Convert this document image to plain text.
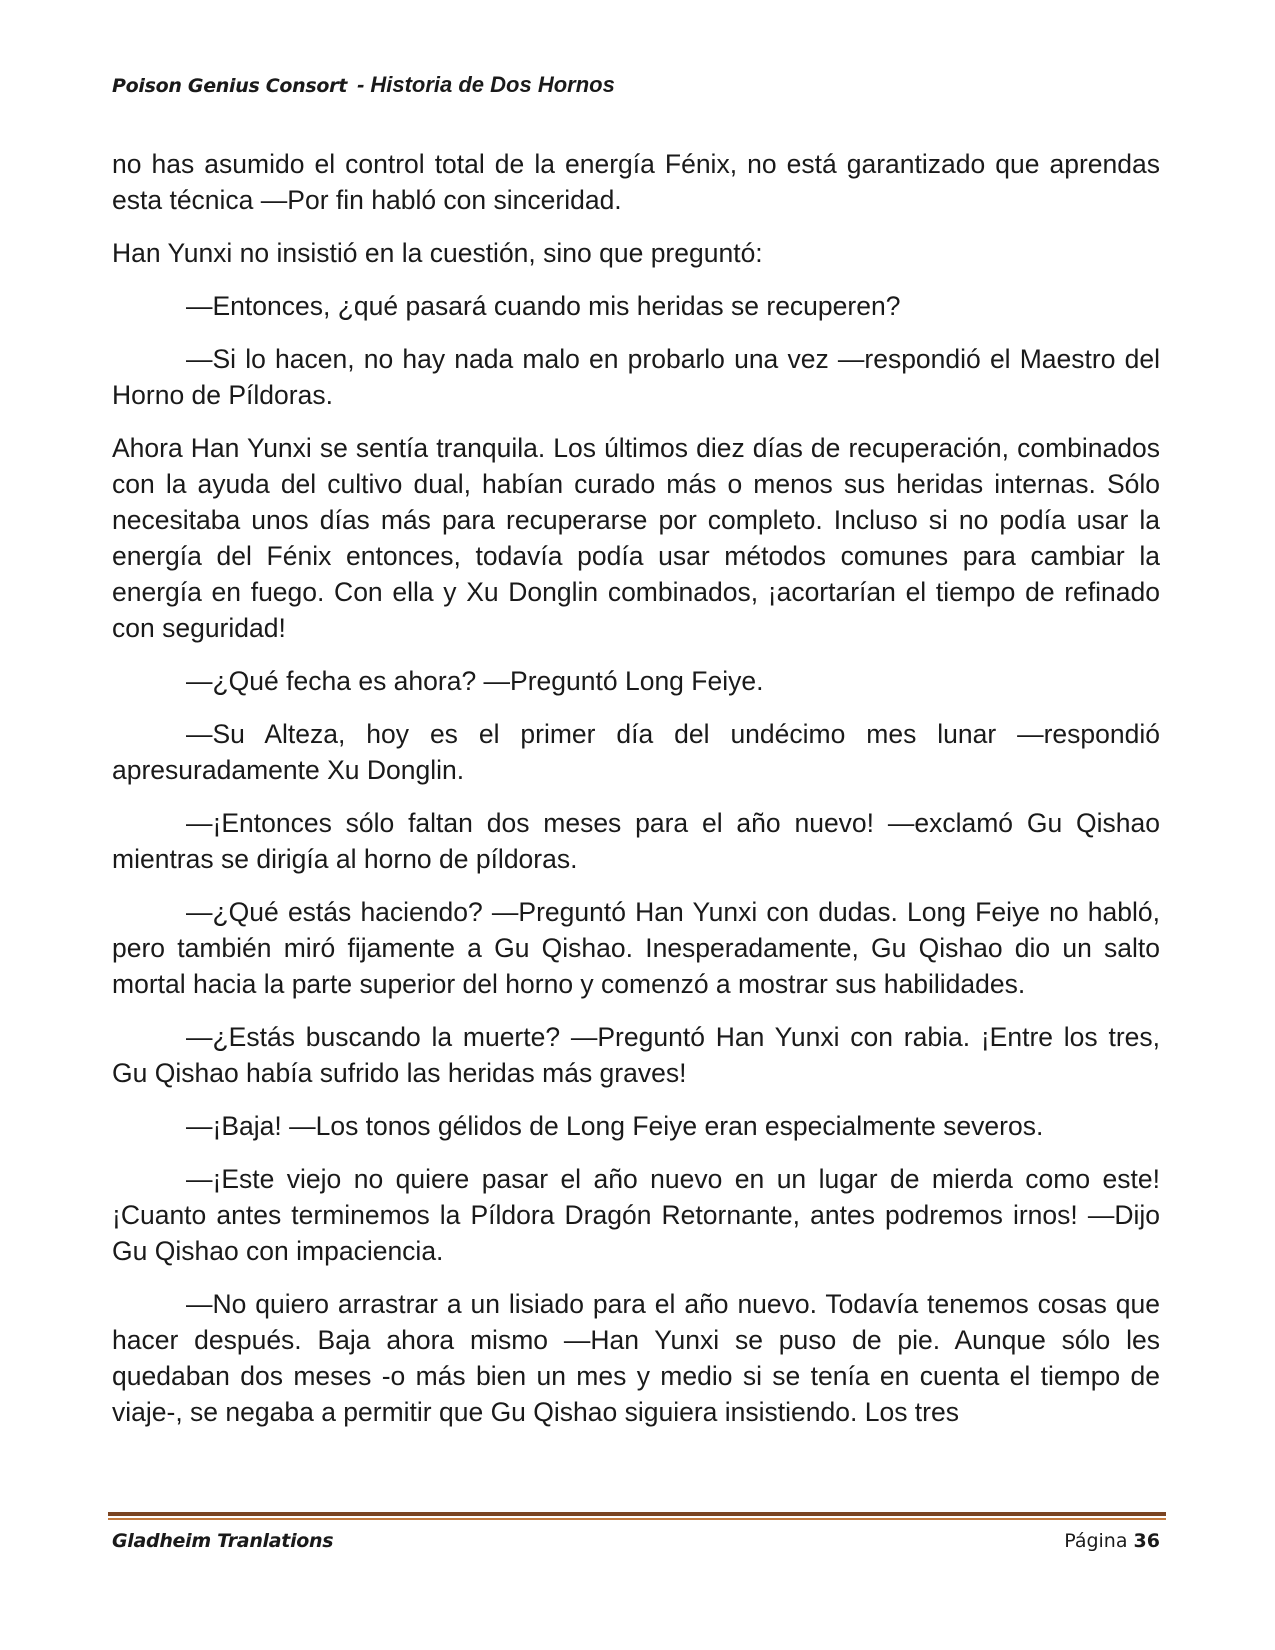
Poison Genius Consort - Historia de Dos Hornos

no has asumido el control total de la energía Fénix, no está garantizado que aprendas esta técnica —Por fin habló con sinceridad.

Han Yunxi no insistió en la cuestión, sino que preguntó:

—Entonces, ¿qué pasará cuando mis heridas se recuperen?

—Si lo hacen, no hay nada malo en probarlo una vez —respondió el Maestro del Horno de Píldoras.

Ahora Han Yunxi se sentía tranquila. Los últimos diez días de recuperación, combinados con la ayuda del cultivo dual, habían curado más o menos sus heridas internas. Sólo necesitaba unos días más para recuperarse por completo. Incluso si no podía usar la energía del Fénix entonces, todavía podía usar métodos comunes para cambiar la energía en fuego. Con ella y Xu Donglin combinados, ¡acortarían el tiempo de refinado con seguridad!

—¿Qué fecha es ahora? —Preguntó Long Feiye.

—Su Alteza, hoy es el primer día del undécimo mes lunar —respondió apresuradamente Xu Donglin.

—¡Entonces sólo faltan dos meses para el año nuevo! —exclamó Gu Qishao mientras se dirigía al horno de píldoras.

—¿Qué estás haciendo? —Preguntó Han Yunxi con dudas. Long Feiye no habló, pero también miró fijamente a Gu Qishao. Inesperadamente, Gu Qishao dio un salto mortal hacia la parte superior del horno y comenzó a mostrar sus habilidades.

—¿Estás buscando la muerte? —Preguntó Han Yunxi con rabia. ¡Entre los tres, Gu Qishao había sufrido las heridas más graves!

—¡Baja! —Los tonos gélidos de Long Feiye eran especialmente severos.

—¡Este viejo no quiere pasar el año nuevo en un lugar de mierda como este! ¡Cuanto antes terminemos la Píldora Dragón Retornante, antes podremos irnos! —Dijo Gu Qishao con impaciencia.

—No quiero arrastrar a un lisiado para el año nuevo. Todavía tenemos cosas que hacer después. Baja ahora mismo —Han Yunxi se puso de pie. Aunque sólo les quedaban dos meses -o más bien un mes y medio si se tenía en cuenta el tiempo de viaje-, se negaba a permitir que Gu Qishao siguiera insistiendo. Los tres

Gladheim Tranlations	Página 36
